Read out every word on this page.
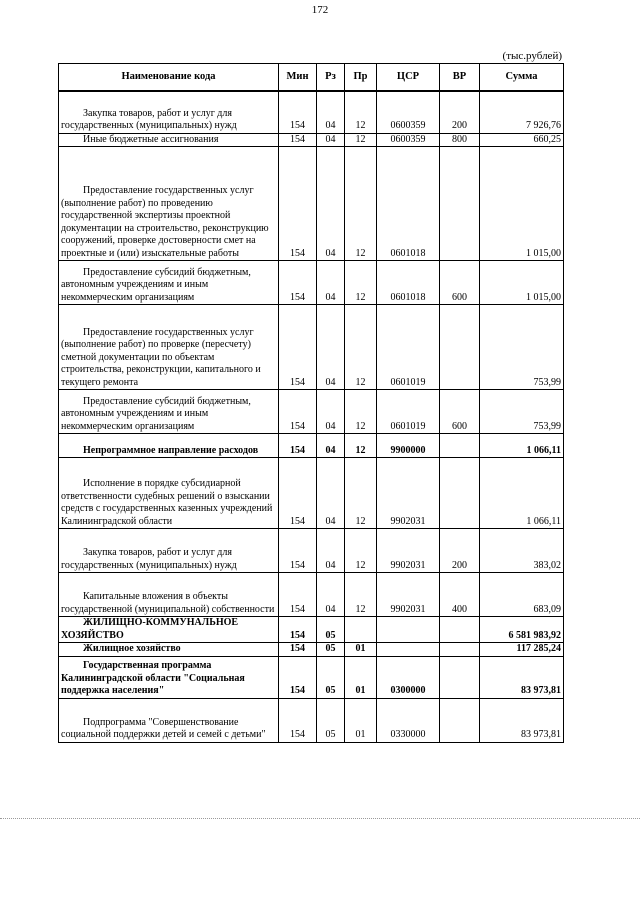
172
(тыс.рублей)
Наименование кода	Мин	Рз	Пр	ЦСР	ВР	Сумма
Закупка товаров, работ и услуг для государственных (муниципальных) нужд	154	04	12	0600359	200	7 926,76
Иные бюджетные ассигнования	154	04	12	0600359	800	660,25
Предоставление государственных услуг (выполнение работ) по проведению государственной экспертизы проектной документации на строительство, реконструкцию сооружений, проверке достоверности смет на проектные и (или) изыскательные работы	154	04	12	0601018		1 015,00
Предоставление субсидий бюджетным, автономным учреждениям и иным некоммерческим организациям	154	04	12	0601018	600	1 015,00
Предоставление государственных услуг (выполнение работ) по проверке (пересчету) сметной документации по объектам строительства, реконструкции, капитального и текущего ремонта	154	04	12	0601019		753,99
Предоставление субсидий бюджетным, автономным учреждениям и иным некоммерческим организациям	154	04	12	0601019	600	753,99
Непрограммное направление расходов	154	04	12	9900000		1 066,11
Исполнение в порядке субсидиарной ответственности судебных решений о взыскании средств с государственных казенных учреждений Калининградской области	154	04	12	9902031		1 066,11
Закупка товаров, работ и услуг для государственных (муниципальных) нужд	154	04	12	9902031	200	383,02
Капитальные вложения в объекты государственной (муниципальной) собственности	154	04	12	9902031	400	683,09
ЖИЛИЩНО-КОММУНАЛЬНОЕ ХОЗЯЙСТВО	154	05				6 581 983,92
Жилищное хозяйство	154	05	01			117 285,24
Государственная программа Калининградской области "Социальная поддержка населения"	154	05	01	0300000		83 973,81
Подпрограмма "Совершенствование социальной поддержки детей и семей с детьми"	154	05	01	0330000		83 973,81
